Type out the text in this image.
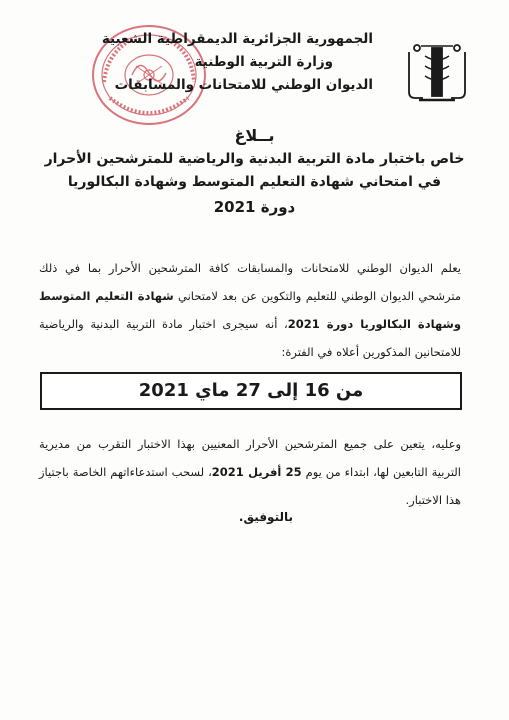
الجمهورية الجزائرية الديمقراطية الشعبية
وزارة التربية الوطنية
الديوان الوطني للامتحانات والمسابقات
بــلاغ
خاص باختبار مادة التربية البدنية والرياضية للمترشحين الأحرار
في امتحاني شهادة التعليم المتوسط وشهادة البكالوريا
دورة 2021
يعلم الديوان الوطني للامتحانات والمسابقات كافة المترشحين الأحرار بما في ذلك مترشحي الديوان الوطني للتعليم والتكوين عن بعد لامتحاني شهادة التعليم المتوسط وشهادة البكالوريا دورة 2021، أنه سيجرى اختبار مادة التربية البدنية والرياضية للامتحانين المذكورين أعلاه في الفترة:
من 16 إلى 27 ماي 2021
وعليه، يتعين على جميع المترشحين الأحرار المعنيين بهذا الاختبار التقرب من مديرية التربية التابعين لها، ابتداء من يوم 25 أفريل 2021، لسحب استدعاءاتهم الخاصة باجتياز هذا الاختبار.
بالتوفيق.
